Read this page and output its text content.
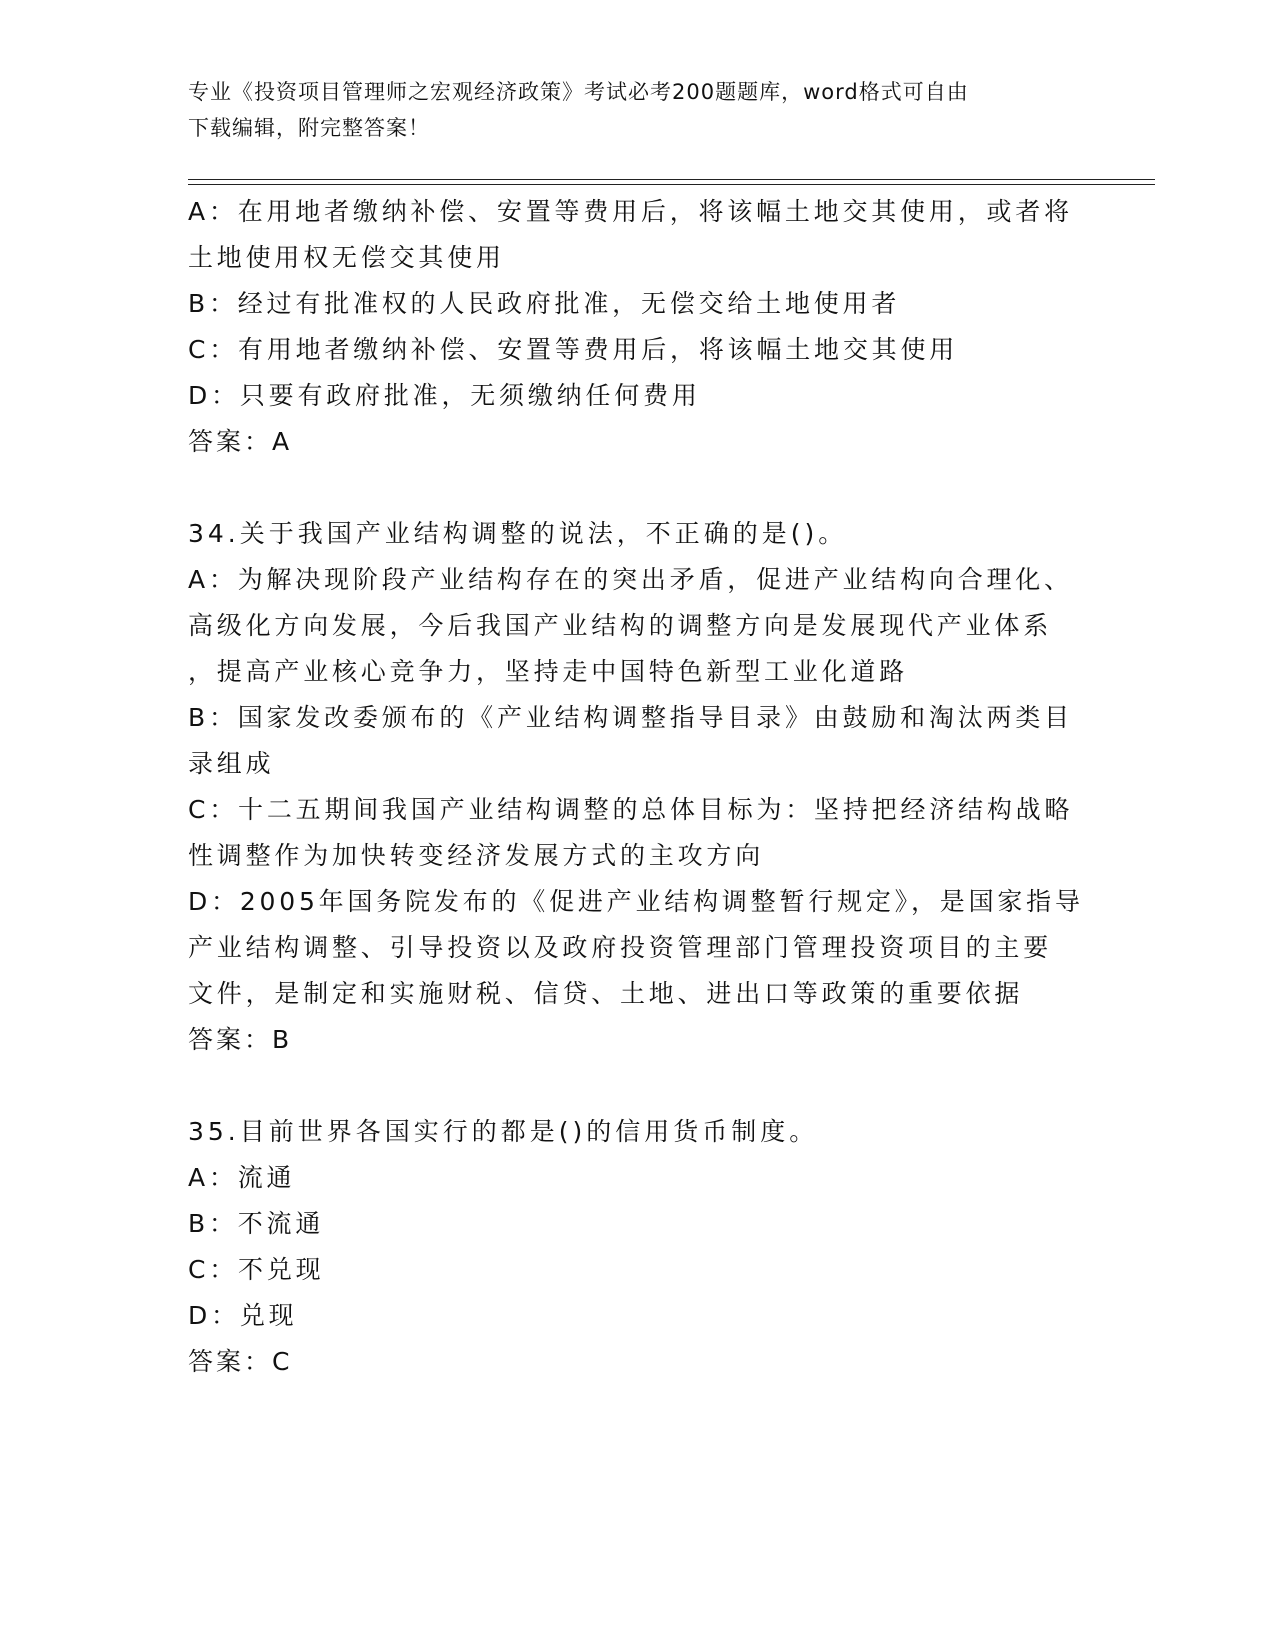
专业《投资项目管理师之宏观经济政策》考试必考200题题库，word格式可自由
下载编辑，附完整答案！
A：在用地者缴纳补偿、安置等费用后，将该幅土地交其使用，或者将
土地使用权无偿交其使用
B：经过有批准权的人民政府批准，无偿交给土地使用者
C：有用地者缴纳补偿、安置等费用后，将该幅土地交其使用
D：只要有政府批准，无须缴纳任何费用
答案：A
34.关于我国产业结构调整的说法，不正确的是()。
A：为解决现阶段产业结构存在的突出矛盾，促进产业结构向合理化、
高级化方向发展，今后我国产业结构的调整方向是发展现代产业体系
，提高产业核心竞争力，坚持走中国特色新型工业化道路
B：国家发改委颁布的《产业结构调整指导目录》由鼓励和淘汰两类目
录组成
C：十二五期间我国产业结构调整的总体目标为：坚持把经济结构战略
性调整作为加快转变经济发展方式的主攻方向
D：2005年国务院发布的《促进产业结构调整暂行规定》，是国家指导
产业结构调整、引导投资以及政府投资管理部门管理投资项目的主要
文件，是制定和实施财税、信贷、土地、进出口等政策的重要依据
答案：B
35.目前世界各国实行的都是()的信用货币制度。
A：流通
B：不流通
C：不兑现
D：兑现
答案：C
